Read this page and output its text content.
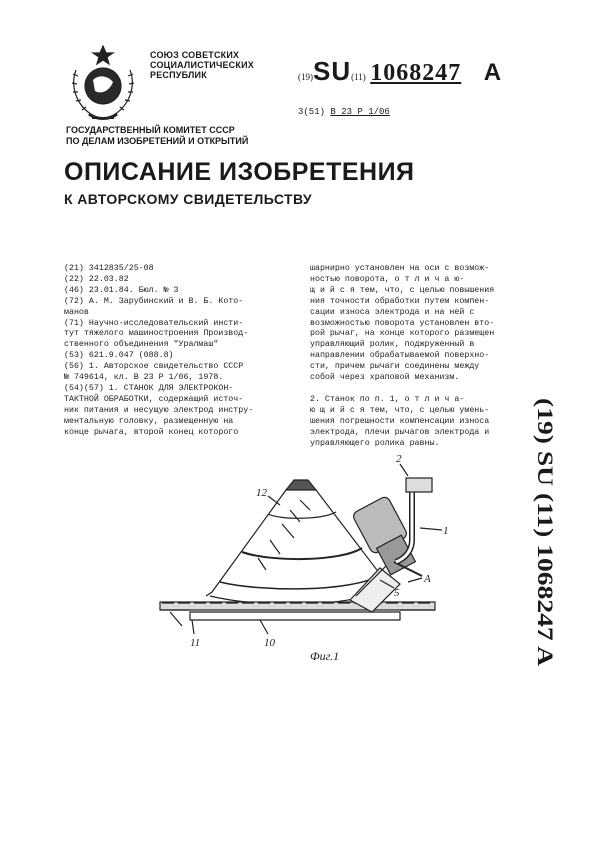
СОЮЗ СОВЕТСКИХ
СОЦИАЛИСТИЧЕСКИХ
РЕСПУБЛИК	(19)SU(11) 1068247 A
3(51) В 23 Р 1/06
ГОСУДАРСТВЕННЫЙ КОМИТЕТ СССР
ПО ДЕЛАМ ИЗОБРЕТЕНИЙ И ОТКРЫТИЙ
ОПИСАНИЕ ИЗОБРЕТЕНИЯ
К АВТОРСКОМУ СВИДЕТЕЛЬСТВУ
(21) 3412835/25-08
(22) 22.03.82
(46) 23.01.84. Бюл. № 3
(72) А. М. Зарубинский и В. Б. Кото-
манов
(71) Научно-исследовательский инсти-
тут тяжелого машиностроения Производ-
ственного объединения "Уралмаш"
(53) 621.9.047 (088.8)
(56) 1. Авторское свидетельство СССР
№ 749614, кл. В 23 Р 1/06, 1978.
(54)(57) 1. СТАНОК ДЛЯ ЭЛЕКТРОКОН-
ТАКТНОЙ ОБРАБОТКИ, содержащий источ-
ник питания и несущую электрод инстру-
ментальную головку, размещенную на
конце рычага, второй конец которого
шарнирно установлен на оси с возмож-
ностью поворота, о т л и ч а ю-
щ и й с я тем, что, с целью повышения
ния точности обработки путем компен-
сации износа электрода и на ней с
возможностью поворота установлен вто-
рой рычаг, на конце которого размещен
управляющий ролик, поджруженный в
направлении обрабатываемой поверхно-
сти, причем рычаги соединены между
собой через храповой механизм.

2. Станок по п. 1, о т л и ч а-
ю щ и й с я тем, что, с целью умень-
шения погрешности компенсации износа
электрода, плечи рычагов электрода и
управляющего ролика равны.	(19) SU (11) 1068247 A
1
2
12
5
A
11	10
Фиг.1
